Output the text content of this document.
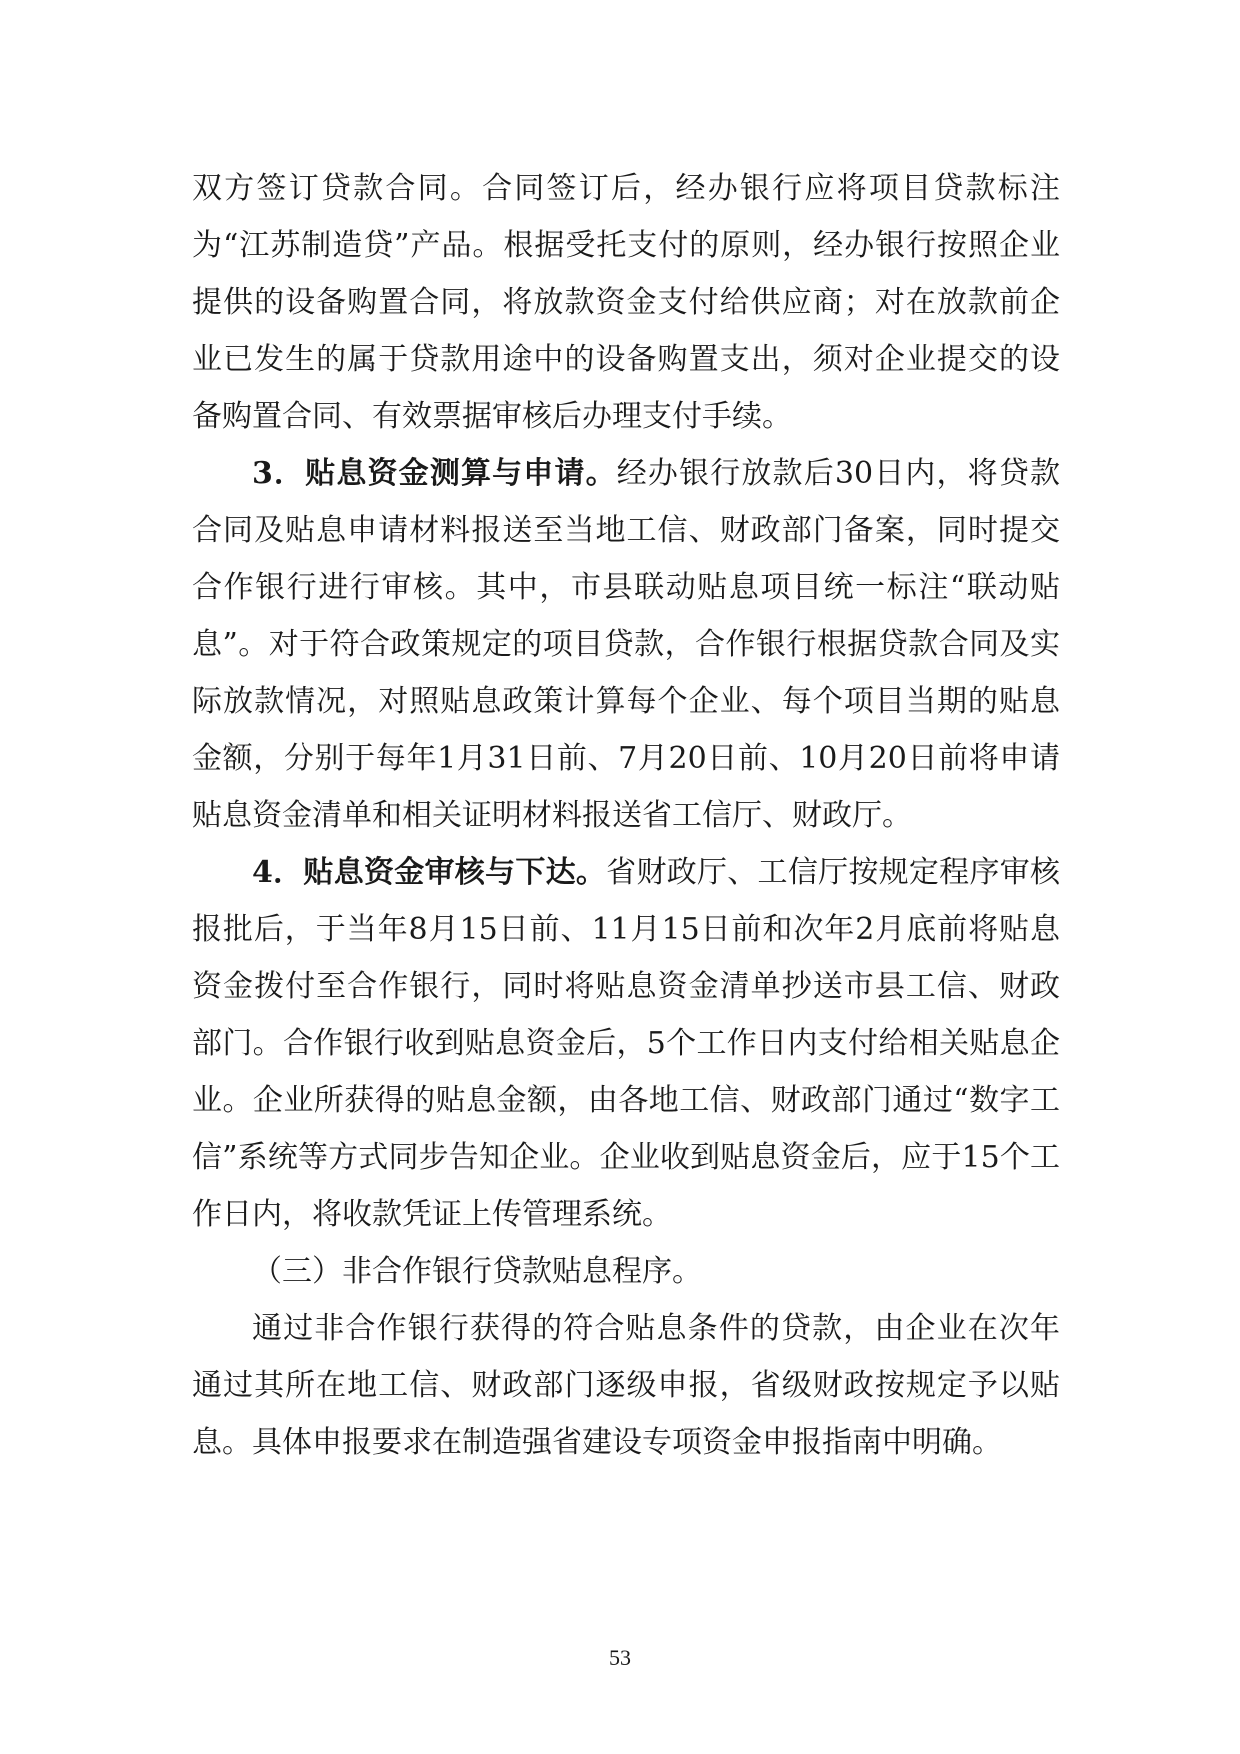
双方签订贷款合同。合同签订后，经办银行应将项目贷款标注为“江苏制造贷”产品。根据受托支付的原则，经办银行按照企业提供的设备购置合同，将放款资金支付给供应商；对在放款前企业已发生的属于贷款用途中的设备购置支出，须对企业提交的设备购置合同、有效票据审核后办理支付手续。

3．贴息资金测算与申请。经办银行放款后30日内，将贷款合同及贴息申请材料报送至当地工信、财政部门备案，同时提交合作银行进行审核。其中，市县联动贴息项目统一标注“联动贴息”。对于符合政策规定的项目贷款，合作银行根据贷款合同及实际放款情况，对照贴息政策计算每个企业、每个项目当期的贴息金额，分别于每年1月31日前、7月20日前、10月20日前将申请贴息资金清单和相关证明材料报送省工信厅、财政厅。

4．贴息资金审核与下达。省财政厅、工信厅按规定程序审核报批后，于当年8月15日前、11月15日前和次年2月底前将贴息资金拨付至合作银行，同时将贴息资金清单抄送市县工信、财政部门。合作银行收到贴息资金后，5个工作日内支付给相关贴息企业。企业所获得的贴息金额，由各地工信、财政部门通过“数字工信”系统等方式同步告知企业。企业收到贴息资金后，应于15个工作日内，将收款凭证上传管理系统。

（三）非合作银行贷款贴息程序。

通过非合作银行获得的符合贴息条件的贷款，由企业在次年通过其所在地工信、财政部门逐级申报，省级财政按规定予以贴息。具体申报要求在制造强省建设专项资金申报指南中明确。

53
